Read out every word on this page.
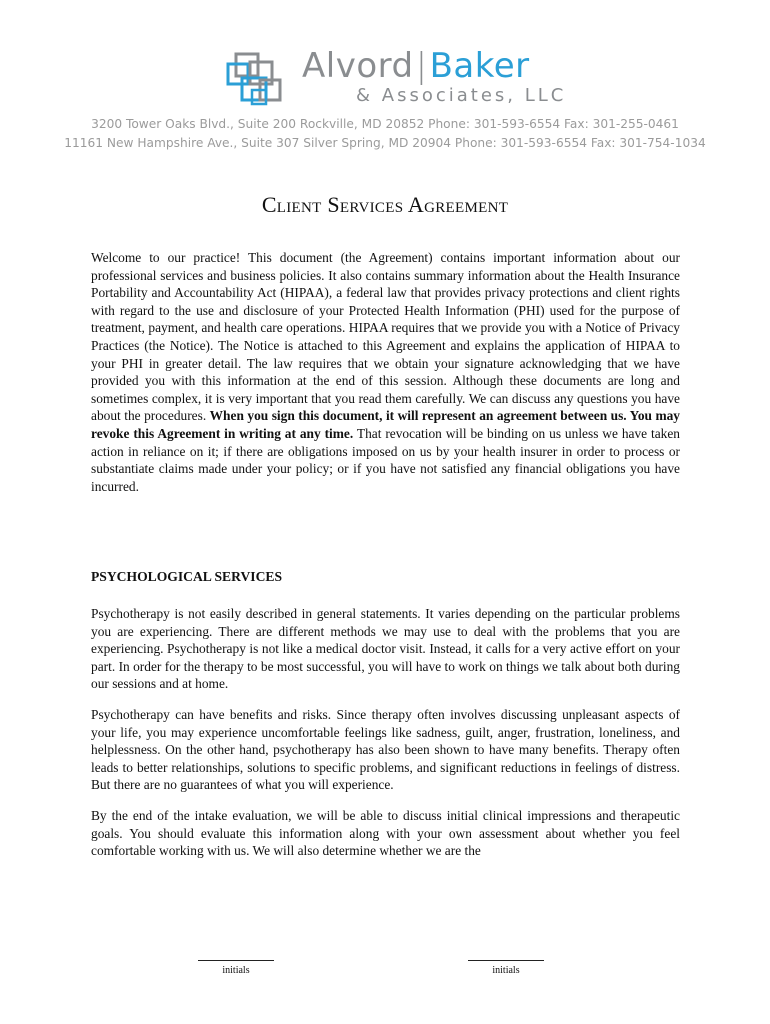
Alvord|Baker
& Associates, LLC
3200 Tower Oaks Blvd., Suite 200 Rockville, MD 20852 Phone: 301-593-6554 Fax: 301-255-0461
11161 New Hampshire Ave., Suite 307 Silver Spring, MD 20904 Phone: 301-593-6554 Fax: 301-754-1034
Client Services Agreement

Welcome to our practice! This document (the Agreement) contains important information about our professional services and business policies. It also contains summary information about the Health Insurance Portability and Accountability Act (HIPAA), a federal law that provides privacy protections and client rights with regard to the use and disclosure of your Protected Health Information (PHI) used for the purpose of treatment, payment, and health care operations. HIPAA requires that we provide you with a Notice of Privacy Practices (the Notice). The Notice is attached to this Agreement and explains the application of HIPAA to your PHI in greater detail. The law requires that we obtain your signature acknowledging that we have provided you with this information at the end of this session. Although these documents are long and sometimes complex, it is very important that you read them carefully. We can discuss any questions you have about the procedures. When you sign this document, it will represent an agreement between us. You may revoke this Agreement in writing at any time. That revocation will be binding on us unless we have taken action in reliance on it; if there are obligations imposed on us by your health insurer in order to process or substantiate claims made under your policy; or if you have not satisfied any financial obligations you have incurred.

PSYCHOLOGICAL SERVICES

Psychotherapy is not easily described in general statements. It varies depending on the particular problems you are experiencing. There are different methods we may use to deal with the problems that you are experiencing. Psychotherapy is not like a medical doctor visit. Instead, it calls for a very active effort on your part. In order for the therapy to be most successful, you will have to work on things we talk about both during our sessions and at home.

Psychotherapy can have benefits and risks. Since therapy often involves discussing unpleasant aspects of your life, you may experience uncomfortable feelings like sadness, guilt, anger, frustration, loneliness, and helplessness. On the other hand, psychotherapy has also been shown to have many benefits. Therapy often leads to better relationships, solutions to specific problems, and significant reductions in feelings of distress. But there are no guarantees of what you will experience.

By the end of the intake evaluation, we will be able to discuss initial clinical impressions and therapeutic goals. You should evaluate this information along with your own assessment about whether you feel comfortable working with us. We will also determine whether we are the

initials	initials
